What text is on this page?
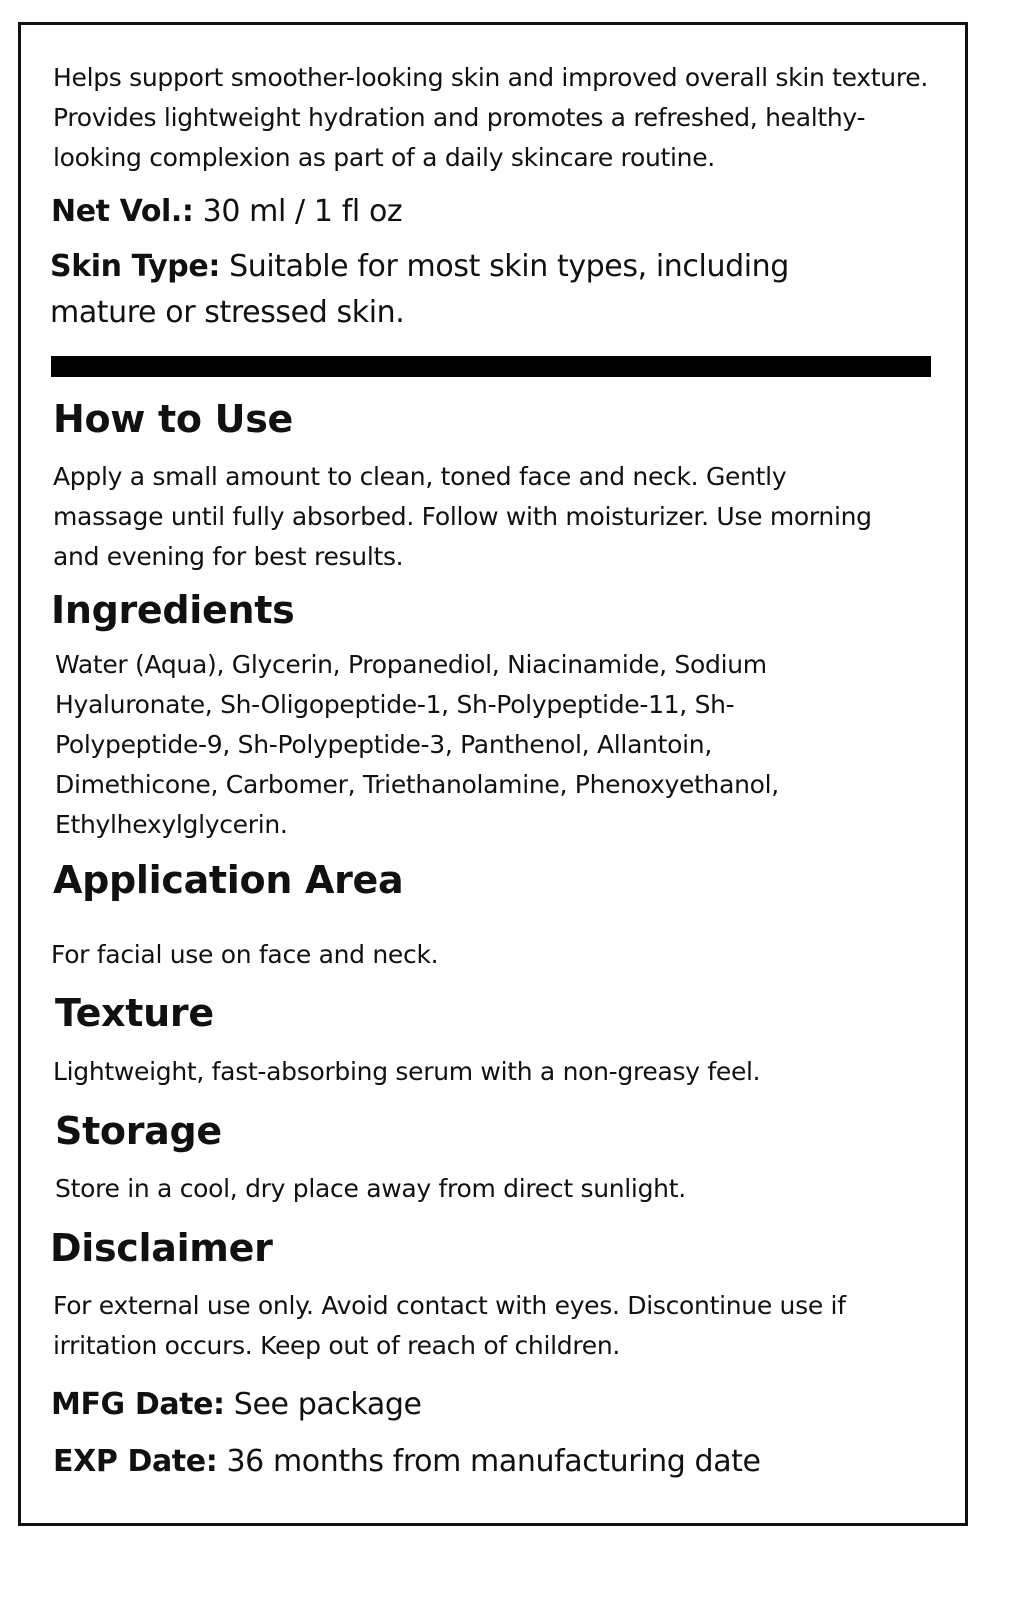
Helps support smoother-looking skin and improved overall skin texture. Provides lightweight hydration and promotes a refreshed, healthy-looking complexion as part of a daily skincare routine.

Net Vol.: 30 ml / 1 fl oz

Skin Type: Suitable for most skin types, including mature or stressed skin.

How to Use

Apply a small amount to clean, toned face and neck. Gently massage until fully absorbed. Follow with moisturizer. Use morning and evening for best results.

Ingredients

Water (Aqua), Glycerin, Propanediol, Niacinamide, Sodium Hyaluronate, Sh-Oligopeptide-1, Sh-Polypeptide-11, Sh-Polypeptide-9, Sh-Polypeptide-3, Panthenol, Allantoin, Dimethicone, Carbomer, Triethanolamine, Phenoxyethanol, Ethylhexylglycerin.

Application Area

For facial use on face and neck.

Texture

Lightweight, fast-absorbing serum with a non-greasy feel.

Storage

Store in a cool, dry place away from direct sunlight.

Disclaimer

For external use only. Avoid contact with eyes. Discontinue use if irritation occurs. Keep out of reach of children.

MFG Date: See package

EXP Date: 36 months from manufacturing date
